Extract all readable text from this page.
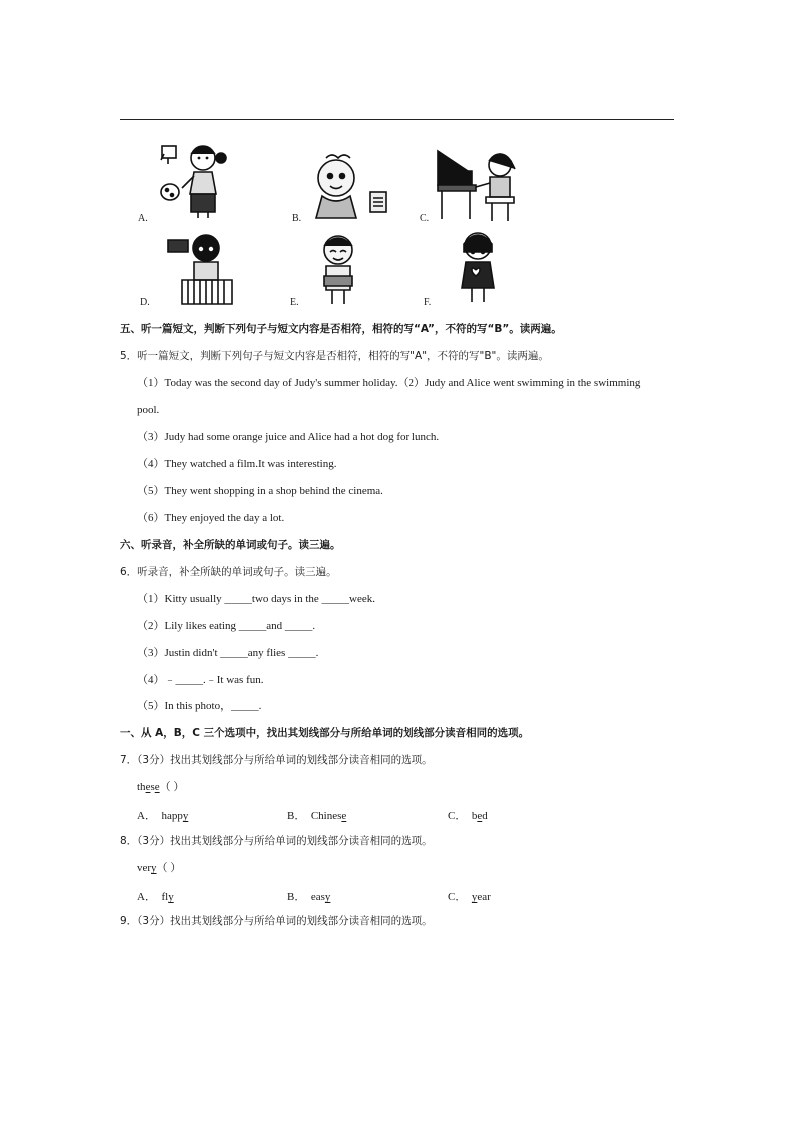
A.	B.	C.
D.	E.	F.
五、听一篇短文，判断下列句子与短文内容是否相符，相符的写“A”，不符的写“B”。读两遍。
5．听一篇短文，判断下列句子与短文内容是否相符，相符的写"A"，不符的写"B"。读两遍。
（1）Today was the second day of Judy's summer holiday.（2）Judy and Alice went swimming in the swimming
pool.
（3）Judy had some orange juice and Alice had a hot dog for lunch.
（4）They watched a film.It was interesting.
（5）They went shopping in a shop behind the cinema.
（6）They enjoyed the day a lot.
六、听录音，补全所缺的单词或句子。读三遍。
6．听录音，补全所缺的单词或句子。读三遍。
（1）Kitty usually _____two days in the _____week.
（2）Lily likes eating _____and _____.
（3）Justin didn't _____any flies _____.
（4）﹣_____.﹣It was fun.
（5）In this photo，_____.
一、从 A，B，C 三个选项中，找出其划线部分与所给单词的划线部分读音相同的选项。
7．（3分）找出其划线部分与所给单词的划线部分读音相同的选项。
these（ ）
A． happy	B． Chinese	C． bed
8．（3分）找出其划线部分与所给单词的划线部分读音相同的选项。
very（ ）
A． fly	B． easy	C． year
9．（3分）找出其划线部分与所给单词的划线部分读音相同的选项。
